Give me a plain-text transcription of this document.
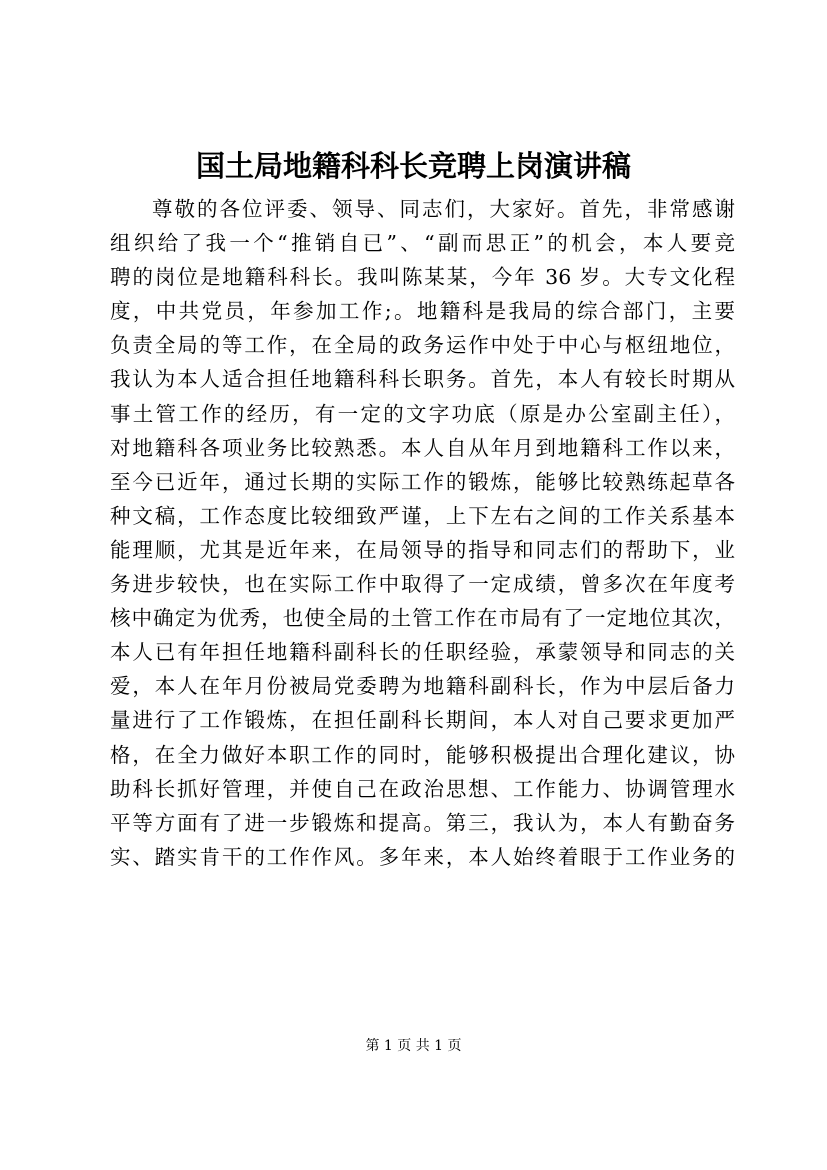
国土局地籍科科长竞聘上岗演讲稿
尊敬的各位评委、领导、同志们，大家好。首先，非常感谢
组织给了我一个“推销自已”、“副而思正”的机会，本人要竞
聘的岗位是地籍科科长。我叫陈某某，今年 36 岁。大专文化程
度，中共党员，年参加工作;。地籍科是我局的综合部门，主要
负责全局的等工作，在全局的政务运作中处于中心与枢纽地位，
我认为本人适合担任地籍科科长职务。首先，本人有较长时期从
事土管工作的经历，有一定的文字功底（原是办公室副主任），
对地籍科各项业务比较熟悉。本人自从年月到地籍科工作以来，
至今已近年，通过长期的实际工作的锻炼，能够比较熟练起草各
种文稿，工作态度比较细致严谨，上下左右之间的工作关系基本
能理顺，尤其是近年来，在局领导的指导和同志们的帮助下，业
务进步较快，也在实际工作中取得了一定成绩，曾多次在年度考
核中确定为优秀，也使全局的土管工作在市局有了一定地位其次，
本人已有年担任地籍科副科长的任职经验，承蒙领导和同志的关
爱，本人在年月份被局党委聘为地籍科副科长，作为中层后备力
量进行了工作锻炼，在担任副科长期间，本人对自己要求更加严
格，在全力做好本职工作的同时，能够积极提出合理化建议，协
助科长抓好管理，并使自己在政治思想、工作能力、协调管理水
平等方面有了进一步锻炼和提高。第三，我认为，本人有勤奋务
实、踏实肯干的工作作风。多年来，本人始终着眼于工作业务的
第 1 页 共 1 页
